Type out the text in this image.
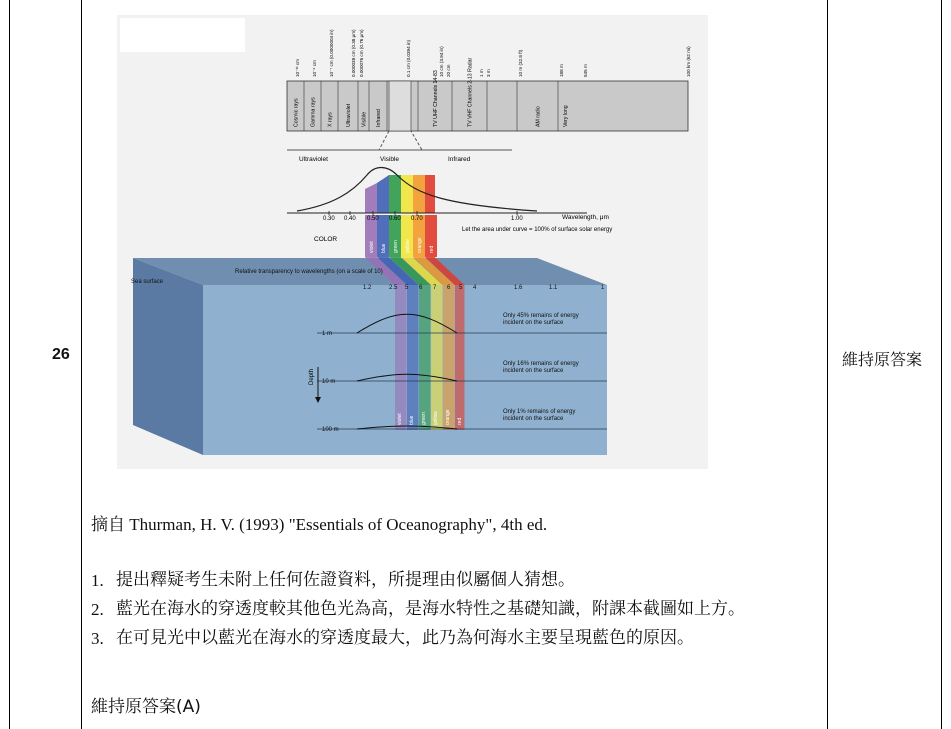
26	維持原答案
Cosmic rays Gamma rays X rays Ultraviolet Visible Infrared	TV UHF Channels 14-83	TV VHF Channels 2-13 Radar	AM radio	Very long
10⁻¹¹ cm	10⁻⁸ cm	10⁻⁷ cm (0.0000004 in)	0.000038 cm (0.38 μm) 0.000076 cm (0.76 μm)	0.1 cm (0.0394 in)	10 cm (3.94 in) 20 cm	1 m 3 m	10 m (32.8 ft)	188 m	545 m	100 km (62 mi)
Ultraviolet	Visible	Infrared
violet blue green yellow orange red
0.30 0.40 0.50 0.60 0.70	1.00	Wavelength, μm
Let the area under curve = 100% of surface solar energy
COLOR
violet blue green yellow orange red
Relative transparency to wavelengths (on a scale of 10)
Sea surface
1.2	2.5 5 6 7 6 5 4	1.6	1.1	1
1 m
Only 45% remains of energy
incident on the surface
10 m
Only 16% remains of energy
incident on the surface
100 m
Only 1% remains of energy
incident on the surface
Depth
摘自 Thurman, H. V. (1993) "Essentials of Oceanography", 4th ed.
1. 提出釋疑考生未附上任何佐證資料，所提理由似屬個人猜想。
2. 藍光在海水的穿透度較其他色光為高，是海水特性之基礎知識，附課本截圖如上方。
3. 在可見光中以藍光在海水的穿透度最大，此乃為何海水主要呈現藍色的原因。
維持原答案(A)
